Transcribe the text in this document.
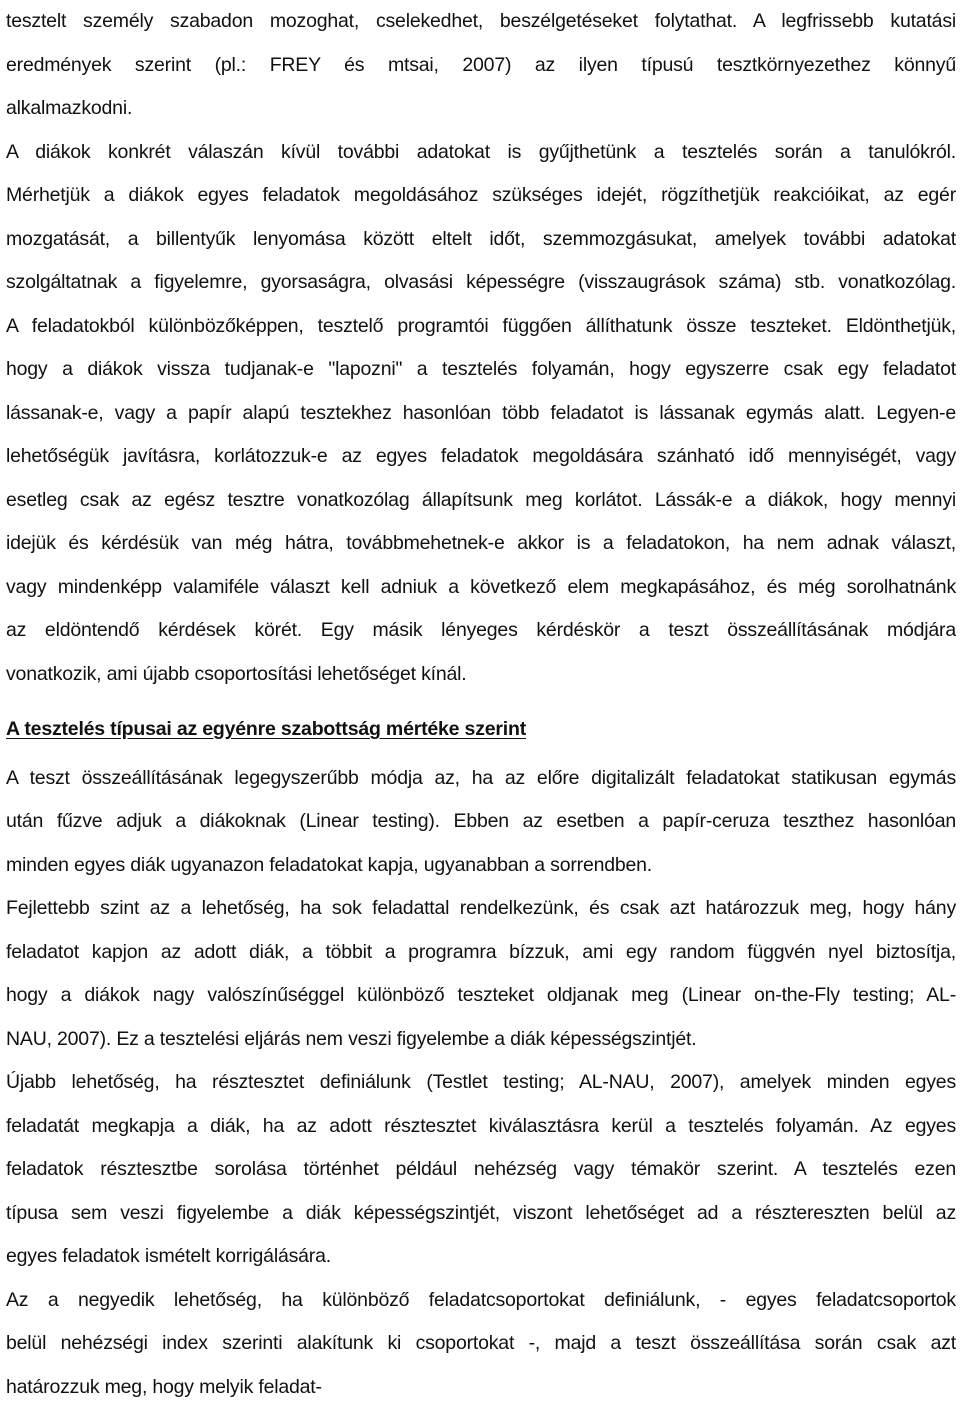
tesztelt személy szabadon mozoghat, cselekedhet, beszélgetéseket folytathat. A legfrissebb kutatási
eredmények szerint (pl.: FREY és mtsai, 2007) az ilyen típusú tesztkörnyezethez könnyű
alkalmazkodni.
A diákok konkrét válaszán kívül további adatokat is gyűjthetünk a tesztelés során a tanulókról.
Mérhetjük a diákok egyes feladatok megoldásához szükséges idejét, rögzíthetjük reakcióikat, az egér
mozgatását, a billentyűk lenyomása között eltelt időt, szemmozgásukat, amelyek további adatokat
szolgáltatnak a figyelemre, gyorsaságra, olvasási képességre (visszaugrások száma) stb. vonatkozólag.
A feladatokból különbözőképpen, tesztelő programtói függően állíthatunk össze teszteket. Eldönthetjük,
hogy a diákok vissza tudjanak-e "lapozni" a tesztelés folyamán, hogy egyszerre csak egy feladatot
lássanak-e, vagy a papír alapú tesztekhez hasonlóan több feladatot is lássanak egymás alatt. Legyen-e
lehetőségük javításra, korlátozzuk-e az egyes feladatok megoldására szánható idő mennyiségét, vagy
esetleg csak az egész tesztre vonatkozólag állapítsunk meg korlátot. Lássák-e a diákok, hogy mennyi
idejük és kérdésük van még hátra, továbbmehetnek-e akkor is a feladatokon, ha nem adnak választ,
vagy mindenképp valamiféle választ kell adniuk a következő elem megkapásához, és még sorolhatnánk
az eldöntendő kérdések körét. Egy másik lényeges kérdéskör a teszt összeállításának módjára
vonatkozik, ami újabb csoportosítási lehetőséget kínál.
A tesztelés típusai az egyénre szabottság mértéke szerint
A teszt összeállításának legegyszerűbb módja az, ha az előre digitalizált feladatokat statikusan egymás
után fűzve adjuk a diákoknak (Linear testing). Ebben az esetben a papír-ceruza teszthez hasonlóan
minden egyes diák ugyanazon feladatokat kapja, ugyanabban a sorrendben.
Fejlettebb szint az a lehetőség, ha sok feladattal rendelkezünk, és csak azt határozzuk meg, hogy hány
feladatot kapjon az adott diák, a többit a programra bízzuk, ami egy random függvén nyel biztosítja,
hogy a diákok nagy valószínűséggel különböző teszteket oldjanak meg (Linear on-the-Fly testing; AL-
NAU, 2007). Ez a tesztelési eljárás nem veszi figyelembe a diák képességszintjét.
Újabb lehetőség, ha résztesztet definiálunk (Testlet testing; AL-NAU, 2007), amelyek minden egyes
feladatát megkapja a diák, ha az adott résztesztet kiválasztásra kerül a tesztelés folyamán. Az egyes
feladatok résztesztbe sorolása történhet például nehézség vagy témakör szerint. A tesztelés ezen
típusa sem veszi figyelembe a diák képességszintjét, viszont lehetőséget ad a résztereszten belül az
egyes feladatok ismételt korrigálására.
Az a negyedik lehetőség, ha különböző feladatcsoportokat definiálunk, - egyes feladatcsoportok
belül nehézségi index szerinti alakítunk ki csoportokat -, majd a teszt összeállítása során csak azt
határozzuk meg, hogy melyik feladat-
